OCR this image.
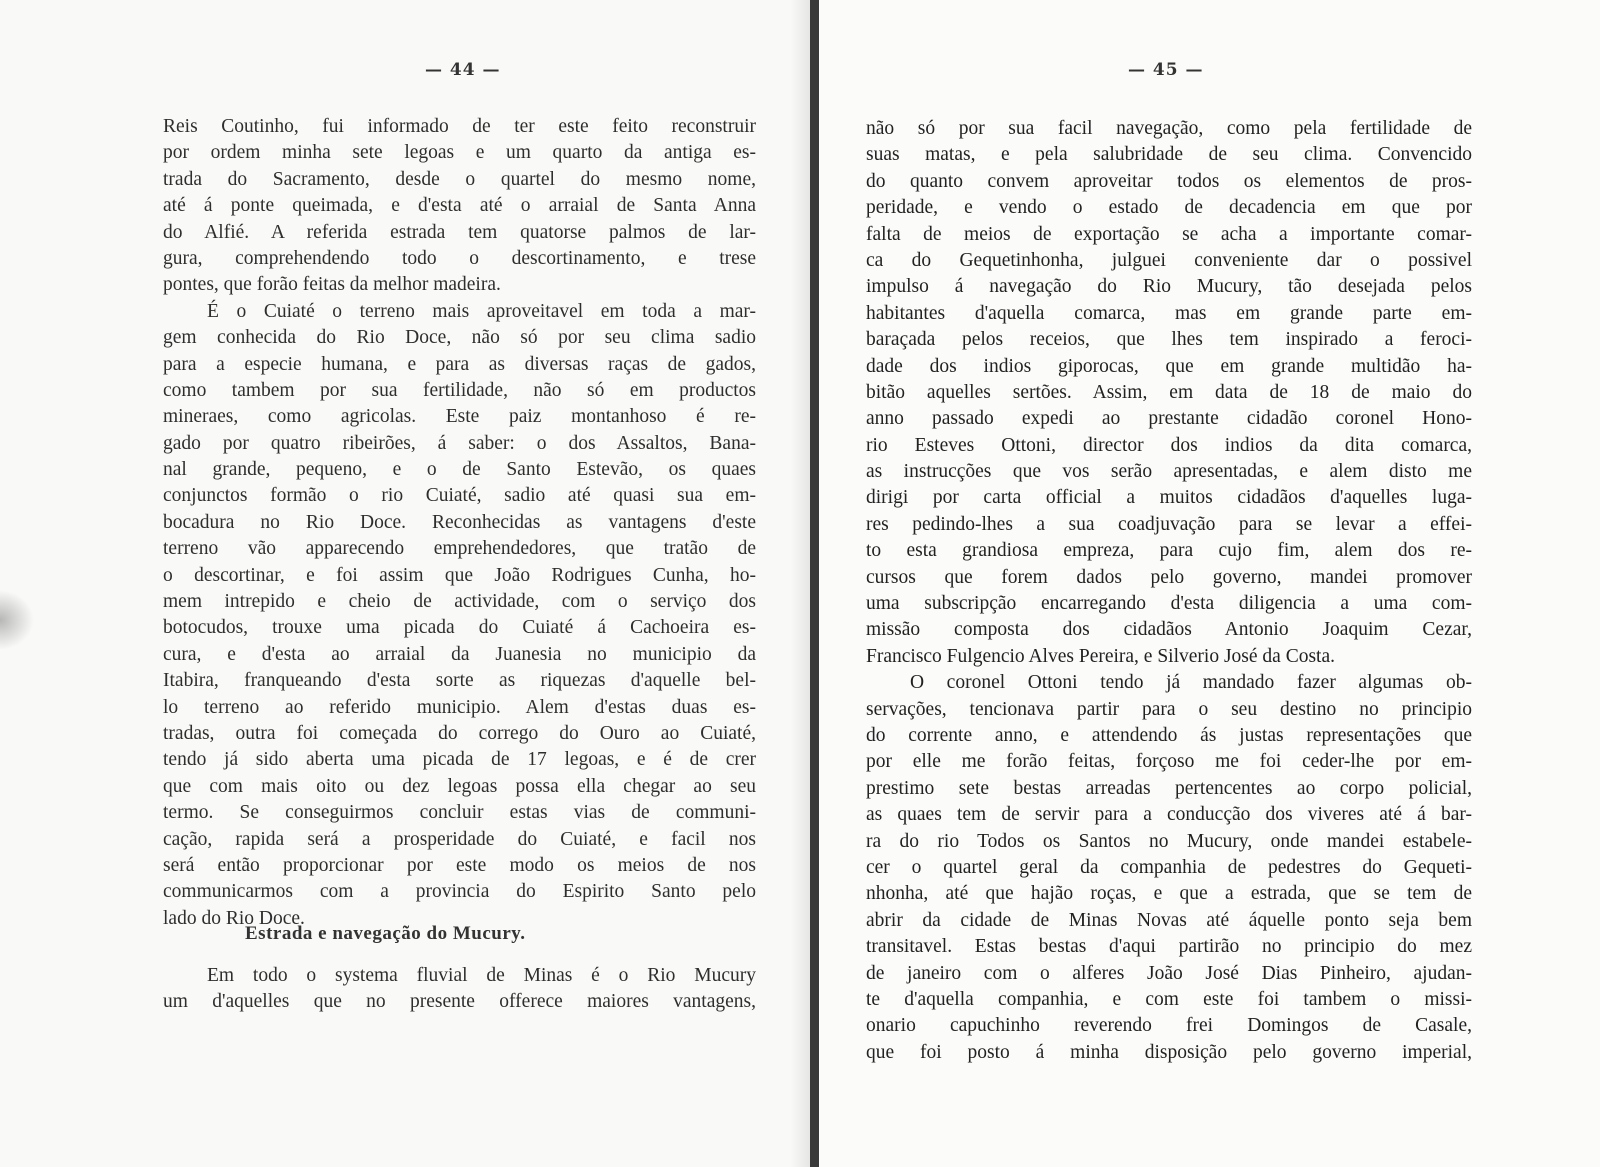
— 44 —	— 45 —
Reis Coutinho, fui informado de ter este feito reconstruir
por ordem minha sete legoas e um quarto da antiga es-
trada do Sacramento, desde o quartel do mesmo nome,
até á ponte queimada, e d'esta até o arraial de Santa Anna
do Alfié. A referida estrada tem quatorse palmos de lar-
gura, comprehendendo todo o descortinamento, e trese
pontes, que forão feitas da melhor madeira.
É o Cuiaté o terreno mais aproveitavel em toda a mar-
gem conhecida do Rio Doce, não só por seu clima sadio
para a especie humana, e para as diversas raças de gados,
como tambem por sua fertilidade, não só em productos
mineraes, como agricolas. Este paiz montanhoso é re-
gado por quatro ribeirões, á saber: o dos Assaltos, Bana-
nal grande, pequeno, e o de Santo Estevão, os quaes
conjunctos formão o rio Cuiaté, sadio até quasi sua em-
bocadura no Rio Doce. Reconhecidas as vantagens d'este
terreno vão apparecendo emprehendedores, que tratão de
o descortinar, e foi assim que João Rodrigues Cunha, ho-
mem intrepido e cheio de actividade, com o serviço dos
botocudos, trouxe uma picada do Cuiaté á Cachoeira es-
cura, e d'esta ao arraial da Juanesia no municipio da
Itabira, franqueando d'esta sorte as riquezas d'aquelle bel-
lo terreno ao referido municipio. Alem d'estas duas es-
tradas, outra foi começada do corrego do Ouro ao Cuiaté,
tendo já sido aberta uma picada de 17 legoas, e é de crer
que com mais oito ou dez legoas possa ella chegar ao seu
termo. Se conseguirmos concluir estas vias de communi-
cação, rapida será a prosperidade do Cuiaté, e facil nos
será então proporcionar por este modo os meios de nos
communicarmos com a provincia do Espirito Santo pelo
lado do Rio Doce.
Estrada e navegação do Mucury.
Em todo o systema fluvial de Minas é o Rio Mucury
um d'aquelles que no presente offerece maiores vantagens,
não só por sua facil navegação, como pela fertilidade de
suas matas, e pela salubridade de seu clima. Convencido
do quanto convem aproveitar todos os elementos de pros-
peridade, e vendo o estado de decadencia em que por
falta de meios de exportação se acha a importante comar-
ca do Gequetinhonha, julguei conveniente dar o possivel
impulso á navegação do Rio Mucury, tão desejada pelos
habitantes d'aquella comarca, mas em grande parte em-
baraçada pelos receios, que lhes tem inspirado a feroci-
dade dos indios giporocas, que em grande multidão ha-
bitão aquelles sertões. Assim, em data de 18 de maio do
anno passado expedi ao prestante cidadão coronel Hono-
rio Esteves Ottoni, director dos indios da dita comarca,
as instrucções que vos serão apresentadas, e alem disto me
dirigi por carta official a muitos cidadãos d'aquelles luga-
res pedindo-lhes a sua coadjuvação para se levar a effei-
to esta grandiosa empreza, para cujo fim, alem dos re-
cursos que forem dados pelo governo, mandei promover
uma subscripção encarregando d'esta diligencia a uma com-
missão composta dos cidadãos Antonio Joaquim Cezar,
Francisco Fulgencio Alves Pereira, e Silverio José da Costa.
O coronel Ottoni tendo já mandado fazer algumas ob-
servações, tencionava partir para o seu destino no principio
do corrente anno, e attendendo ás justas representações que
por elle me forão feitas, forçoso me foi ceder-lhe por em-
prestimo sete bestas arreadas pertencentes ao corpo policial,
as quaes tem de servir para a conducção dos viveres até á bar-
ra do rio Todos os Santos no Mucury, onde mandei estabele-
cer o quartel geral da companhia de pedestres do Gequeti-
nhonha, até que hajão roças, e que a estrada, que se tem de
abrir da cidade de Minas Novas até áquelle ponto seja bem
transitavel. Estas bestas d'aqui partirão no principio do mez
de janeiro com o alferes João José Dias Pinheiro, ajudan-
te d'aquella companhia, e com este foi tambem o missi-
onario capuchinho reverendo frei Domingos de Casale,
que foi posto á minha disposição pelo governo imperial,
